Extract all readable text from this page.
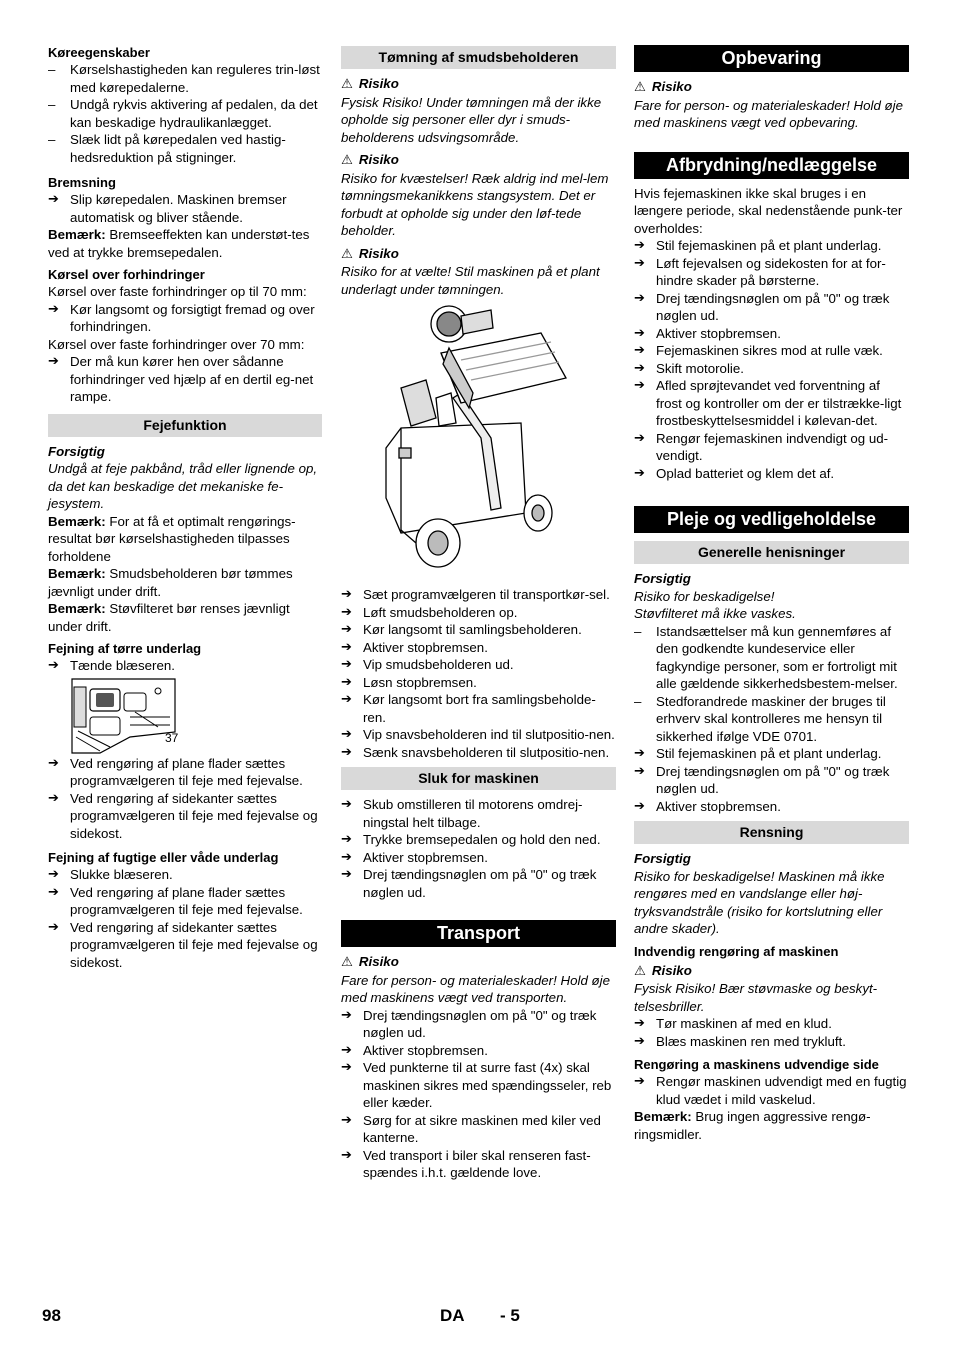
Køreegenskaber
– Kørselshastigheden kan reguleres trin-løst med kørepedalerne.
– Undgå rykvis aktivering af pedalen, da det kan beskadige hydraulikanlægget.
– Slæk lidt på kørepedalen ved hastig-hedsreduktion på stigninger.
Bremsning
➔ Slip kørepedalen. Maskinen bremser automatisk og bliver stående.
Bemærk: Bremseeffekten kan understøt-tes ved at trykke bremsepedalen.
Kørsel over forhindringer
Kørsel over faste forhindringer op til 70 mm:
➔ Kør langsomt og forsigtigt fremad og over forhindringen.
Kørsel over faste forhindringer over 70 mm:
➔ Der må kun kører hen over sådanne forhindringer ved hjælp af en dertil eg-net rampe.
Fejefunktion
Forsigtig
Undgå at feje pakbånd, tråd eller lignende op, da det kan beskadige det mekaniske fe-jesystem.
Bemærk: For at få et optimalt rengørings-resultat bør kørselshastigheden tilpasses forholdene
Bemærk: Smudsbeholderen bør tømmes jævnligt under drift.
Bemærk: Støvfilteret bør renses jævnligt under drift.
Fejning af tørre underlag
➔ Tænde blæseren.
37
➔ Ved rengøring af plane flader sættes programvælgeren til feje med fejevalse.
➔ Ved rengøring af sidekanter sættes programvælgeren til feje med fejevalse og sidekost.
Fejning af fugtige eller våde underlag
➔ Slukke blæseren.
➔ Ved rengøring af plane flader sættes programvælgeren til feje med fejevalse.
➔ Ved rengøring af sidekanter sættes programvælgeren til feje med fejevalse og sidekost.
Tømning af smudsbeholderen
⚠ Risiko
Fysisk Risiko! Under tømningen må der ikke opholde sig personer eller dyr i smuds-beholderens udsvingsområde.
⚠ Risiko
Risiko for kvæstelser! Ræk aldrig ind mel-lem tømningsmekanikkens stangsystem. Det er forbudt at opholde sig under den løf-tede beholder.
⚠ Risiko
Risiko for at vælte! Stil maskinen på et plant underlagt under tømningen.
➔ Sæt programvælgeren til transportkør-sel.
➔ Løft smudsbeholderen op.
➔ Kør langsomt til samlingsbeholderen.
➔ Aktiver stopbremsen.
➔ Vip smudsbeholderen ud.
➔ Løsn stopbremsen.
➔ Kør langsomt bort fra samlingsbeholde-ren.
➔ Vip snavsbeholderen ind til slutpositio-nen.
➔ Sænk snavsbeholderen til slutpositio-nen.
Sluk for maskinen
➔ Skub omstilleren til motorens omdrej-ningstal helt tilbage.
➔ Trykke bremsepedalen og hold den ned.
➔ Aktiver stopbremsen.
➔ Drej tændingsnøglen om på "0" og træk nøglen ud.
Transport
⚠ Risiko
Fare for person- og materialeskader! Hold øje med maskinens vægt ved transporten.
➔ Drej tændingsnøglen om på "0" og træk nøglen ud.
➔ Aktiver stopbremsen.
➔ Ved punkterne til at surre fast (4x) skal maskinen sikres med spændingsseler, reb eller kæder.
➔ Sørg for at sikre maskinen med kiler ved kanterne.
➔ Ved transport i biler skal renseren fast-spændes i.h.t. gældende love.
Opbevaring
⚠ Risiko
Fare for person- og materialeskader! Hold øje med maskinens vægt ved opbevaring.
Afbrydning/nedlæggelse
Hvis fejemaskinen ikke skal bruges i en længere periode, skal nedenstående punk-ter overholdes:
➔ Stil fejemaskinen på et plant underlag.
➔ Løft fejevalsen og sidekosten for at for-hindre skader på børsterne.
➔ Drej tændingsnøglen om på "0" og træk nøglen ud.
➔ Aktiver stopbremsen.
➔ Fejemaskinen sikres mod at rulle væk.
➔ Skift motorolie.
➔ Afled sprøjtevandet ved forventning af frost og kontroller om der er tilstrække-ligt frostbeskyttelsesmiddel i kølevan-det.
➔ Rengør fejemaskinen indvendigt og ud-vendigt.
➔ Oplad batteriet og klem det af.
Pleje og vedligeholdelse
Generelle henisninger
Forsigtig
Risiko for beskadigelse!
Støvfilteret må ikke vaskes.
– Istandsættelser må kun gennemføres af den godkendte kundeservice eller fagkyndige personer, som er fortroligt mit alle gældende sikkerhedsbestem-melser.
– Stedforandrede maskiner der bruges til erhverv skal kontrolleres me hensyn til sikkerhed ifølge VDE 0701.
➔ Stil fejemaskinen på et plant underlag.
➔ Drej tændingsnøglen om på "0" og træk nøglen ud.
➔ Aktiver stopbremsen.
Rensning
Forsigtig
Risiko for beskadigelse! Maskinen må ikke rengøres med en vandslange eller høj-tryksvandstråle (risiko for kortslutning eller andre skader).
Indvendig rengøring af maskinen
⚠ Risiko
Fysisk Risiko! Bær støvmaske og beskyt-telsesbriller.
➔ Tør maskinen af med en klud.
➔ Blæs maskinen ren med trykluft.
Rengøring a maskinens udvendige side
➔ Rengør maskinen udvendigt med en fugtig klud vædet i mild vaskelud.
Bemærk: Brug ingen aggressive rengø-ringsmidler.
98	DA - 5
